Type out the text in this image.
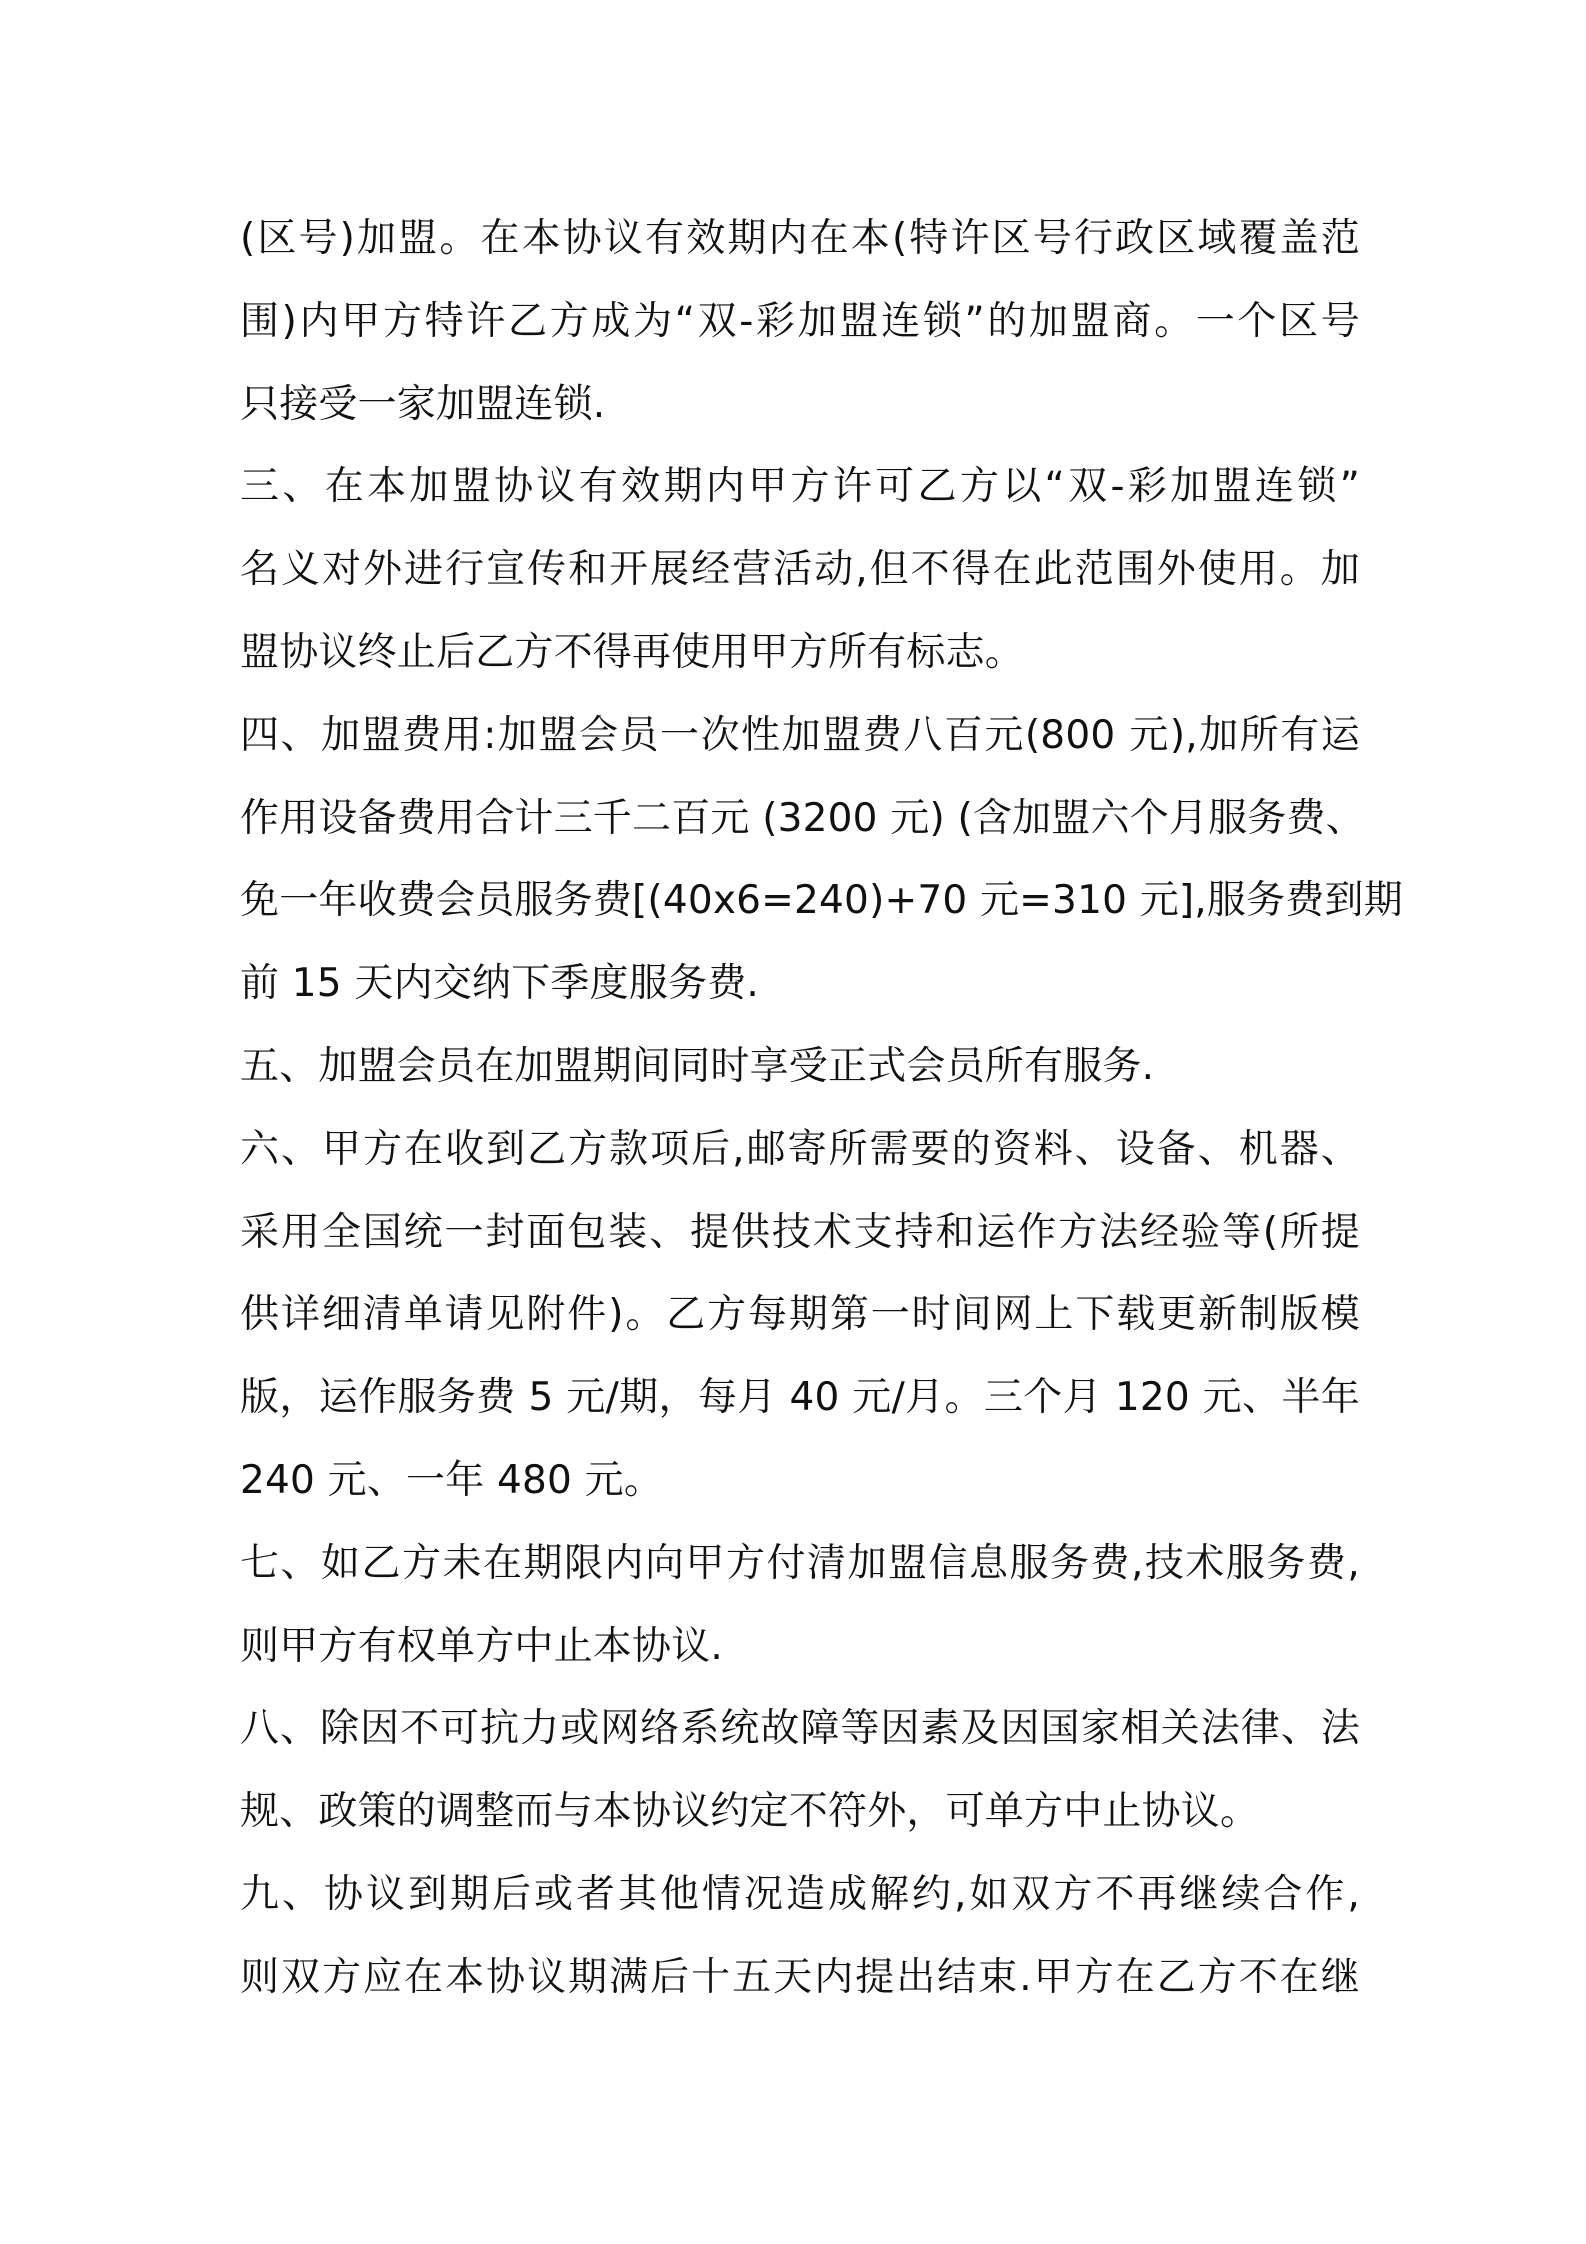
(区号)加盟。在本协议有效期内在本(特许区号行政区域覆盖范
围)内甲方特许乙方成为“双-彩加盟连锁”的加盟商。一个区号
只接受一家加盟连锁.
三、在本加盟协议有效期内甲方许可乙方以“双-彩加盟连锁”
名义对外进行宣传和开展经营活动,但不得在此范围外使用。加
盟协议终止后乙方不得再使用甲方所有标志。
四、加盟费用:加盟会员一次性加盟费八百元(800 元),加所有运
作用设备费用合计三千二百元 (3200 元) (含加盟六个月服务费、
免一年收费会员服务费[(40x6=240)+70 元=310 元],服务费到期
前 15 天内交纳下季度服务费.
五、加盟会员在加盟期间同时享受正式会员所有服务.
六、甲方在收到乙方款项后,邮寄所需要的资料、设备、机器、
采用全国统一封面包装、提供技术支持和运作方法经验等(所提
供详细清单请见附件)。乙方每期第一时间网上下载更新制版模
版，运作服务费 5 元/期，每月 40 元/月。三个月 120 元、半年
240 元、一年 480 元。
七、如乙方未在期限内向甲方付清加盟信息服务费,技术服务费,
则甲方有权单方中止本协议.
八、除因不可抗力或网络系统故障等因素及因国家相关法律、法
规、政策的调整而与本协议约定不符外，可单方中止协议。
九、协议到期后或者其他情况造成解约,如双方不再继续合作,
则双方应在本协议期满后十五天内提出结束.甲方在乙方不在继
